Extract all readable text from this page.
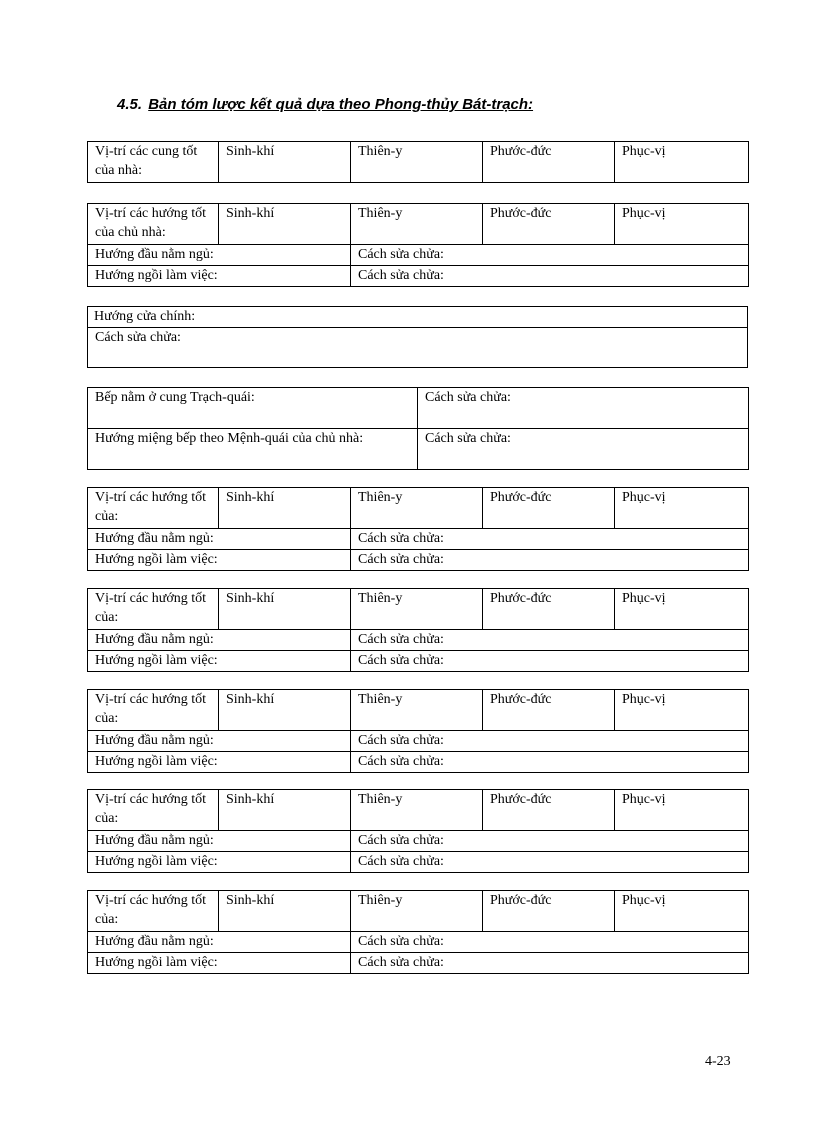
4.5. Bản tóm lược kết quả dựa theo Phong-thủy Bát-trạch:
Vị-trí các cung tốt của nhà:	Sinh-khí	Thiên-y	Phước-đức	Phục-vị
Vị-trí các hướng tốt của chủ nhà:	Sinh-khí	Thiên-y	Phước-đức	Phục-vị
Hướng đầu nằm ngủ:		Cách sửa chửa:		
Hướng ngồi làm việc:		Cách sửa chửa:		
Hướng cửa chính:
Cách sửa chửa:
Bếp nằm ở cung Trạch-quái:	Cách sửa chửa:
Hướng miệng bếp theo Mệnh-quái của chủ nhà:	Cách sửa chửa:
Vị-trí các hướng tốt của:	Sinh-khí	Thiên-y	Phước-đức	Phục-vị
Hướng đầu nằm ngủ:		Cách sửa chửa:		
Hướng ngồi làm việc:		Cách sửa chửa:		
Vị-trí các hướng tốt của:	Sinh-khí	Thiên-y	Phước-đức	Phục-vị
Hướng đầu nằm ngủ:		Cách sửa chửa:		
Hướng ngồi làm việc:		Cách sửa chửa:		
Vị-trí các hướng tốt của:	Sinh-khí	Thiên-y	Phước-đức	Phục-vị
Hướng đầu nằm ngủ:		Cách sửa chửa:		
Hướng ngồi làm việc:		Cách sửa chửa:		
Vị-trí các hướng tốt của:	Sinh-khí	Thiên-y	Phước-đức	Phục-vị
Hướng đầu nằm ngủ:		Cách sửa chửa:		
Hướng ngồi làm việc:		Cách sửa chửa:		
Vị-trí các hướng tốt của:	Sinh-khí	Thiên-y	Phước-đức	Phục-vị
Hướng đầu nằm ngủ:		Cách sửa chửa:		
Hướng ngồi làm việc:		Cách sửa chửa:		
4-23
